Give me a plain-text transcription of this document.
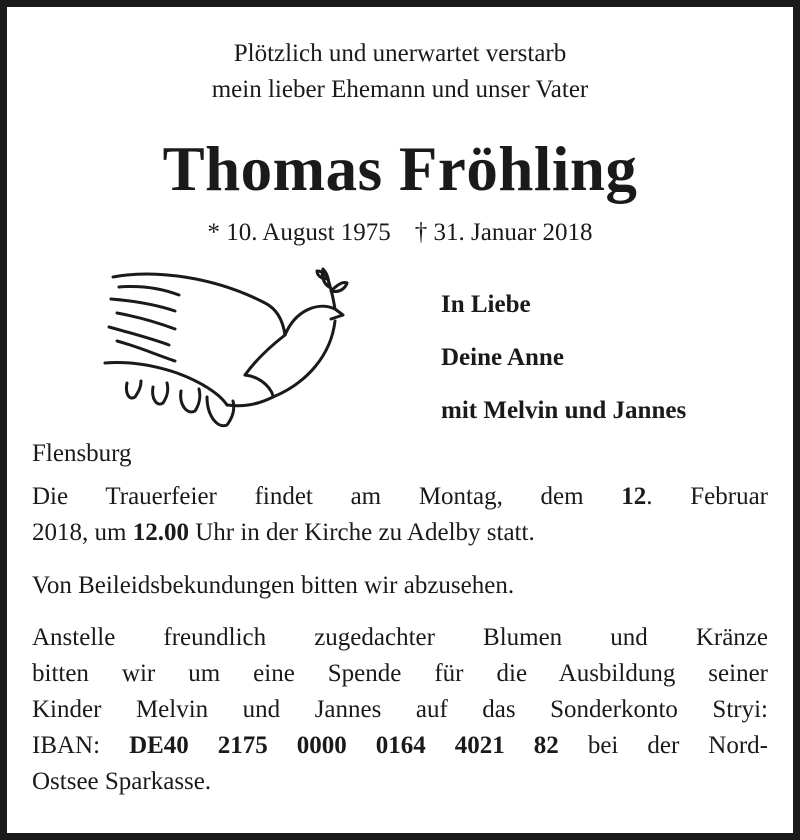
Plötzlich und unerwartet verstarb
mein lieber Ehemann und unser Vater
Thomas Fröhling
* 10. August 1975 † 31. Januar 2018
In Liebe
Deine Anne
mit Melvin und Jannes
Flensburg
Die Trauerfeier findet am Montag, dem 12. Februar
2018, um 12.00 Uhr in der Kirche zu Adelby statt.
Von Beileidsbekundungen bitten wir abzusehen.
Anstelle freundlich zugedachter Blumen und Kränze
bitten wir um eine Spende für die Ausbildung seiner
Kinder Melvin und Jannes auf das Sonderkonto Stryi:
IBAN: DE40 2175 0000 0164 4021 82 bei der Nord-
Ostsee Sparkasse.
